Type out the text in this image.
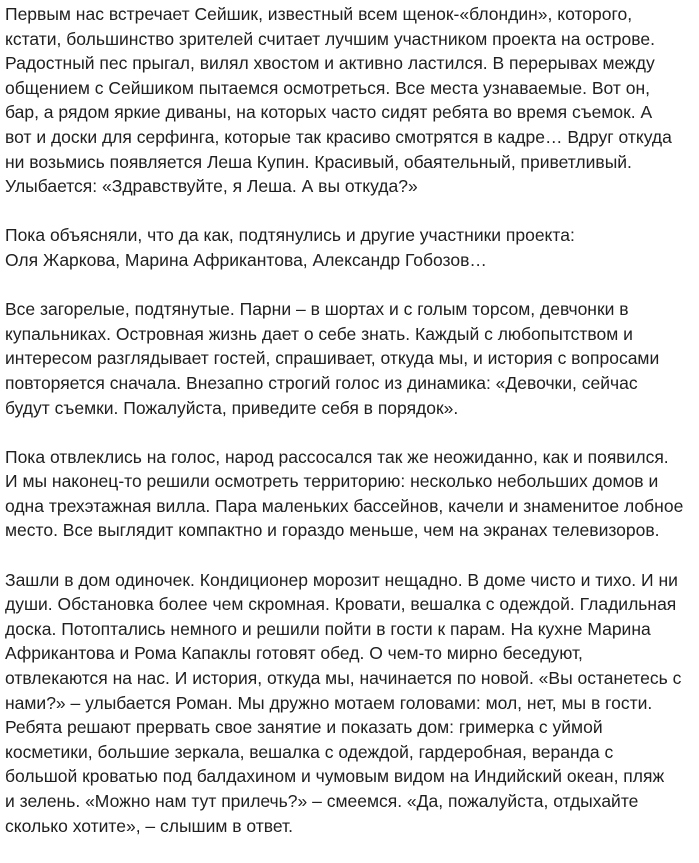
Первым нас встречает Сейшик, известный всем щенок-«блондин», которого,
кстати, большинство зрителей считает лучшим участником проекта на острове.
Радостный пес прыгал, вилял хвостом и активно ластился. В перерывах между
общением с Сейшиком пытаемся осмотреться. Все места узнаваемые. Вот он,
бар, а рядом яркие диваны, на которых часто сидят ребята во время съемок. А
вот и доски для серфинга, которые так красиво смотрятся в кадре… Вдруг откуда
ни возьмись появляется Леша Купин. Красивый, обаятельный, приветливый.
Улыбается: «Здравствуйте, я Леша. А вы откуда?»

Пока объясняли, что да как, подтянулись и другие участники проекта:
Оля Жаркова, Марина Африкантова, Александр Гобозов…

Все загорелые, подтянутые. Парни – в шортах и с голым торсом, девчонки в
купальниках. Островная жизнь дает о себе знать. Каждый с любопытством и
интересом разглядывает гостей, спрашивает, откуда мы, и история с вопросами
повторяется сначала. Внезапно строгий голос из динамика: «Девочки, сейчас
будут съемки. Пожалуйста, приведите себя в порядок».

Пока отвлеклись на голос, народ рассосался так же неожиданно, как и появился.
И мы наконец-то решили осмотреть территорию: несколько небольших домов и
одна трехэтажная вилла. Пара маленьких бассейнов, качели и знаменитое лобное
место. Все выглядит компактно и гораздо меньше, чем на экранах телевизоров.

Зашли в дом одиночек. Кондиционер морозит нещадно. В доме чисто и тихо. И ни
души. Обстановка более чем скромная. Кровати, вешалка с одеждой. Гладильная
доска. Потоптались немного и решили пойти в гости к парам. На кухне Марина
Африкантова и Рома Капаклы готовят обед. О чем-то мирно беседуют,
отвлекаются на нас. И история, откуда мы, начинается по новой. «Вы останетесь с
нами?» – улыбается Роман. Мы дружно мотаем головами: мол, нет, мы в гости.
Ребята решают прервать свое занятие и показать дом: гримерка с уймой
косметики, большие зеркала, вешалка с одеждой, гардеробная, веранда с
большой кроватью под балдахином и чумовым видом на Индийский океан, пляж
и зелень. «Можно нам тут прилечь?» – смеемся. «Да, пожалуйста, отдыхайте
сколько хотите», – слышим в ответ.
